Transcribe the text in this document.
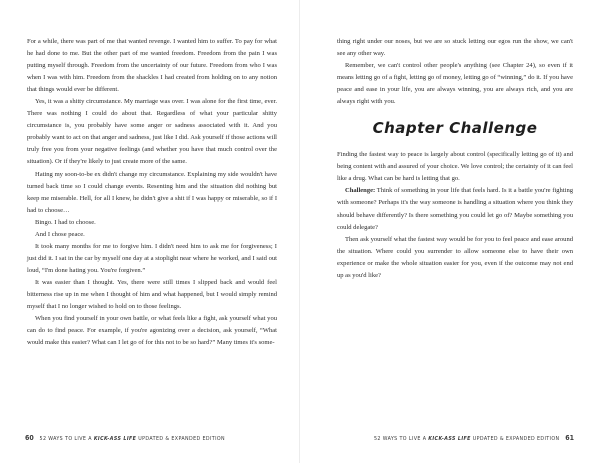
For a while, there was part of me that wanted revenge. I wanted him to suffer. To pay for what he had done to me. But the other part of me wanted freedom. Freedom from the pain I was putting myself through. Freedom from the uncertainty of our future. Freedom from who I was when I was with him. Freedom from the shackles I had created from holding on to any notion that things would ever be different.

Yes, it was a shitty circumstance. My marriage was over. I was alone for the first time, ever. There was nothing I could do about that. Regardless of what your particular shitty circumstance is, you probably have some anger or sadness associated with it. And you probably want to act on that anger and sadness, just like I did. Ask yourself if those actions will truly free you from your negative feelings (and whether you have that much control over the situation). Or if they're likely to just create more of the same.

Hating my soon-to-be ex didn't change my circumstance. Explaining my side wouldn't have turned back time so I could change events. Resenting him and the situation did nothing but keep me miserable. Hell, for all I knew, he didn't give a shit if I was happy or miserable, so if I had to choose…

Bingo. I had to choose.

And I chose peace.

It took many months for me to forgive him. I didn't need him to ask me for forgiveness; I just did it. I sat in the car by myself one day at a stoplight near where he worked, and I said out loud, “I'm done hating you. You're forgiven.”

It was easier than I thought. Yes, there were still times I slipped back and would feel bitterness rise up in me when I thought of him and what happened, but I would simply remind myself that I no longer wished to hold on to those feelings.

When you find yourself in your own battle, or what feels like a fight, ask yourself what you can do to find peace. For example, if you're agonizing over a decision, ask yourself, “What would make this easier? What can I let go of for this not to be so hard?” Many times it's some-

60 52 WAYS TO LIVE A KICK-ASS LIFE UPDATED & EXPANDED EDITION

thing right under our noses, but we are so stuck letting our egos run the show, we can't see any other way.

Remember, we can't control other people's anything (see Chapter 24), so even if it means letting go of a fight, letting go of money, letting go of “winning,” do it. If you have peace and ease in your life, you are always winning, you are always rich, and you are always right with you.

Chapter Challenge

Finding the fastest way to peace is largely about control (specifically letting go of it) and being content with and assured of your choice. We love control; the certainty of it can feel like a drug. What can be hard is letting that go.

Challenge: Think of something in your life that feels hard. Is it a battle you're fighting with someone? Perhaps it's the way someone is handling a situation where you think they should behave differently? Is there something you could let go of? Maybe something you could delegate?

Then ask yourself what the fastest way would be for you to feel peace and ease around the situation. Where could you surrender to allow someone else to have their own experience or make the whole situation easier for you, even if the outcome may not end up as you'd like?

52 WAYS TO LIVE A KICK-ASS LIFE UPDATED & EXPANDED EDITION 61
